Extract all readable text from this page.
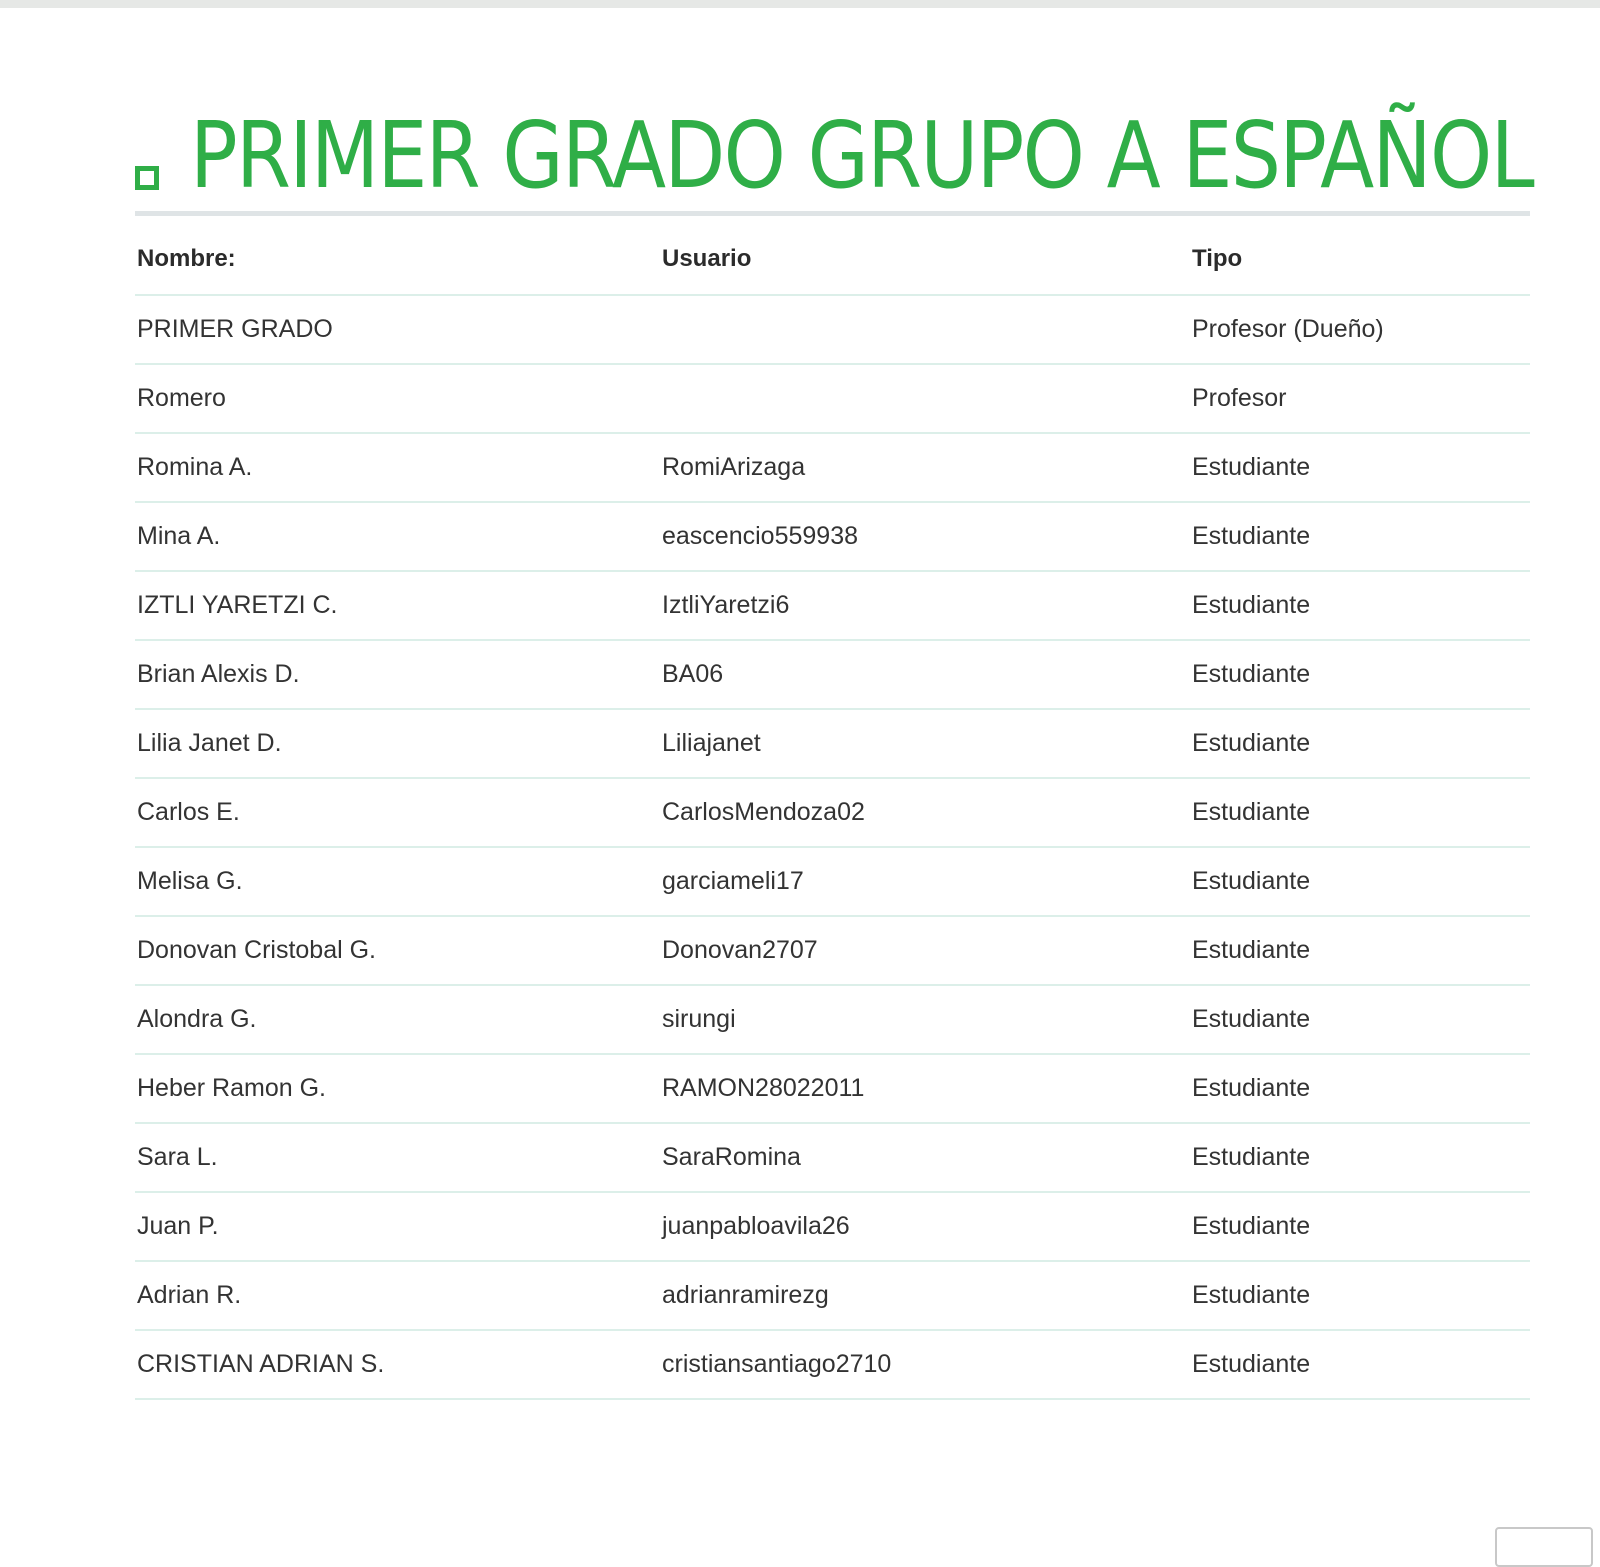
PRIMER GRADO GRUPO A ESPAÑOL
Nombre:	Usuario	Tipo
PRIMER GRADO		Profesor (Dueño)
Romero		Profesor
Romina A.	RomiArizaga	Estudiante
Mina A.	eascencio559938	Estudiante
IZTLI YARETZI C.	IztliYaretzi6	Estudiante
Brian Alexis D.	BA06	Estudiante
Lilia Janet D.	Liliajanet	Estudiante
Carlos E.	CarlosMendoza02	Estudiante
Melisa G.	garciameli17	Estudiante
Donovan Cristobal G.	Donovan2707	Estudiante
Alondra G.	sirungi	Estudiante
Heber Ramon G.	RAMON28022011	Estudiante
Sara L.	SaraRomina	Estudiante
Juan P.	juanpabloavila26	Estudiante
Adrian R.	adrianramirezg	Estudiante
CRISTIAN ADRIAN S.	cristiansantiago2710	Estudiante
